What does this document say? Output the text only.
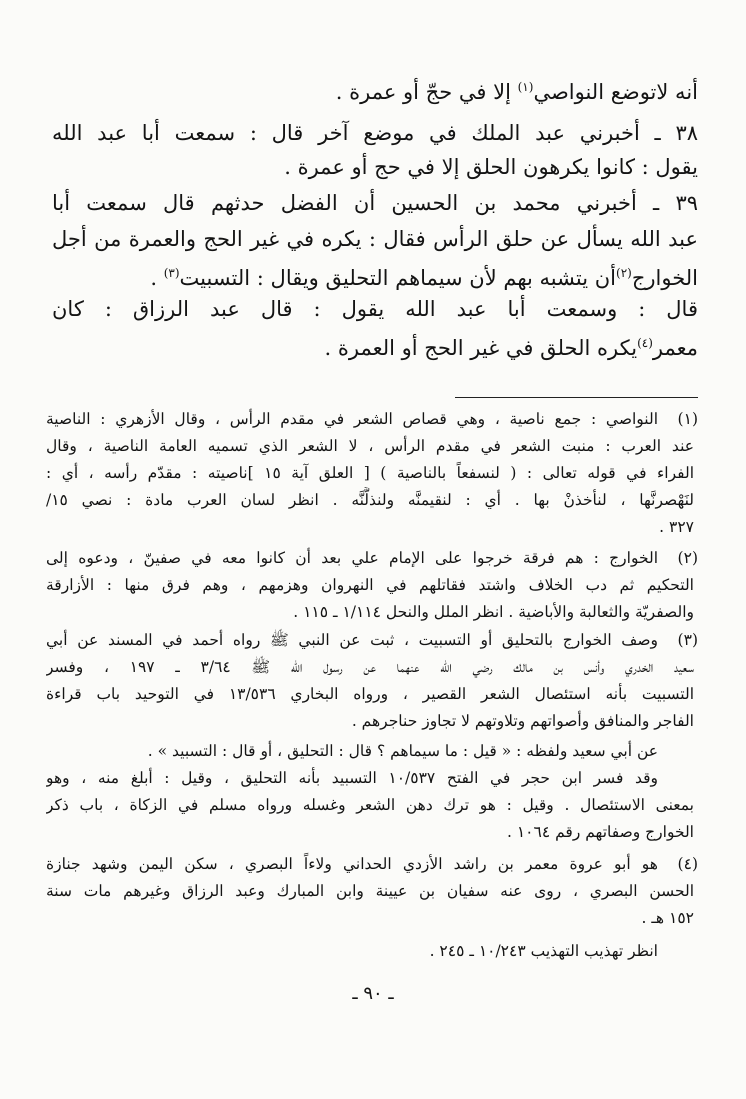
أنه لاتوضع النواصي$^{(١)}$ إلا في حجّ أو عمرة .
٣٨ ـ أخبرني عبد الملك في موضع آخر قال : سمعت أبا عبد الله
يقول : كانوا يكرهون الحلق إلا في حج أو عمرة .
٣٩ ـ أخبرني محمد بن الحسين أن الفضل حدثهم قال سمعت أبا
عبد الله يسأل عن حلق الرأس فقال : يكره في غير الحج والعمرة من أجل
الخوارج$^{(٢)}$أن يتشبه بهم لأن سيماهم التحليق ويقال : التسبيت$^{(٣)}$ .
قال : وسمعت أبا عبد الله يقول : قال عبد الرزاق : كان
معمر$^{(٤)}$يكره الحلق في غير الحج أو العمرة .
(١)
النواصي : جمع ناصية ، وهي قصاص الشعر في مقدم الرأس ، وقال الأزهري : الناصية
عند العرب : منبت الشعر في مقدم الرأس ، لا الشعر الذي تسميه العامة الناصية ، وقال
الفراء في قوله تعالى : ( لنسفعاً بالناصية ) [ العلق آية ١٥ ]ناصيته : مقدّم رأسه ، أي :
لنَهْصرنَّها ، لنأخذنْ بها . أي : لنقيمنَّه ولنذلَّنَّه . انظر لسان العرب مادة : نصي ١٥/
٣٢٧ .
(٢)
الخوارج : هم فرقة خرجوا على الإمام علي بعد أن كانوا معه في صفينّ ، ودعوه إلى
التحكيم ثم دب الخلاف واشتد فقاتلهم في النهروان وهزمهم ، وهم فرق منها : الأزارقة
والصفريّة والثعالبة والأباضية . انظر الملل والنحل ١/١١٤ ـ ١١٥ .
(٣)
وصف الخوارج بالتحليق أو التسبيت ، ثبت عن النبي ﷺ رواه أحمد في المسند عن أبي
سعيد الخدري وأنس بن مالك رضي الله عنهما عن رسول الله ﷺ ٣/٦٤ ـ ١٩٧ ، وفسر
التسبيت بأنه استئصال الشعر القصير ، ورواه البخاري ١٣/٥٣٦ في التوحيد باب قراءة
الفاجر والمنافق وأصواتهم وتلاوتهم لا تجاوز حناجرهم .
عن أبي سعيد ولفظه : « قيل : ما سيماهم ؟ قال : التحليق ، أو قال : التسبيد » .
وقد فسر ابن حجر في الفتح ١٠/٥٣٧ التسبيد بأنه التحليق ، وقيل : أبلغ منه ، وهو
بمعنى الاستئصال . وقيل : هو ترك دهن الشعر وغسله ورواه مسلم في الزكاة ، باب ذكر
الخوارج وصفاتهم رقم ١٠٦٤ .
(٤)
هو أبو عروة معمر بن راشد الأزدي الحداني ولاءاً البصري ، سكن اليمن وشهد جنازة
الحسن البصري ، روى عنه سفيان بن عيينة وابن المبارك وعبد الرزاق وغيرهم مات سنة
١٥٢ هـ .
انظر تهذيب التهذيب ١٠/٢٤٣ ـ ٢٤٥ .
ـ ٩٠ ـ
